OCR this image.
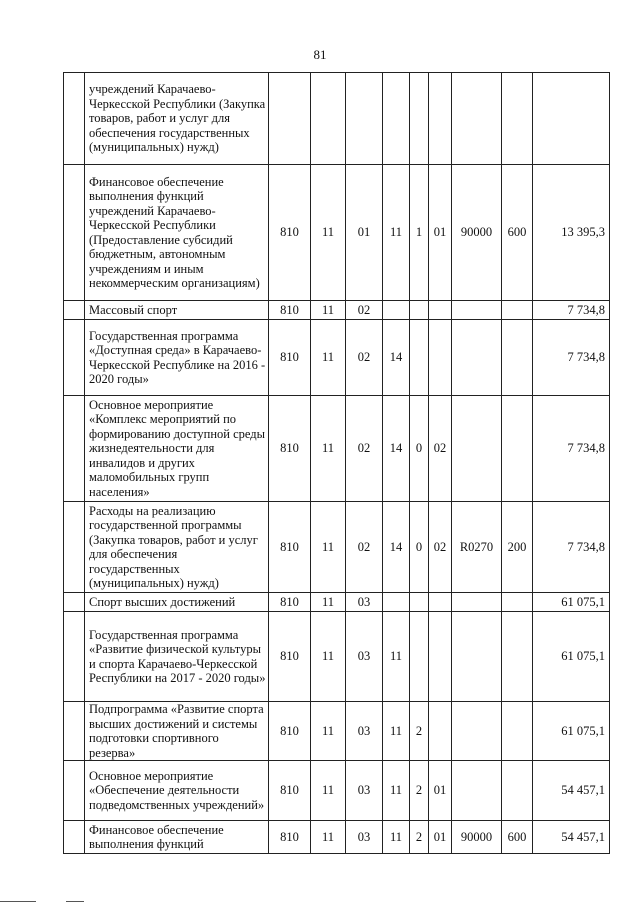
81
	учреждений Карачаево-Черкесской Республики (Закупка товаров, работ и услуг для обеспечения государственных (муниципальных) нужд)									
	Финансовое обеспечение выполнения функций учреждений Карачаево-Черкесской Республики (Предоставление субсидий бюджетным, автономным учреждениям и иным некоммерческим организациям)	810	11	01	11	1	01	90000	600	13 395,3
	Массовый спорт	810	11	02						7 734,8
	Государственная программа «Доступная среда» в Карачаево-Черкесской Республике на 2016 - 2020 годы»	810	11	02	14					7 734,8
	Основное мероприятие «Комплекс мероприятий по формированию доступной среды жизнедеятельности для инвалидов и других маломобильных групп населения»	810	11	02	14	0	02			7 734,8
	Расходы на реализацию государственной программы (Закупка товаров, работ и услуг для обеспечения государственных (муниципальных) нужд)	810	11	02	14	0	02	R0270	200	7 734,8
	Спорт высших достижений	810	11	03						61 075,1
	Государственная программа «Развитие физической культуры и спорта Карачаево-Черкесской Республики на 2017 - 2020 годы»	810	11	03	11					61 075,1
	Подпрограмма «Развитие спорта высших достижений и системы подготовки спортивного резерва»	810	11	03	11	2				61 075,1
	Основное мероприятие «Обеспечение деятельности подведомственных учреждений»	810	11	03	11	2	01			54 457,1
	Финансовое обеспечение выполнения функций	810	11	03	11	2	01	90000	600	54 457,1
